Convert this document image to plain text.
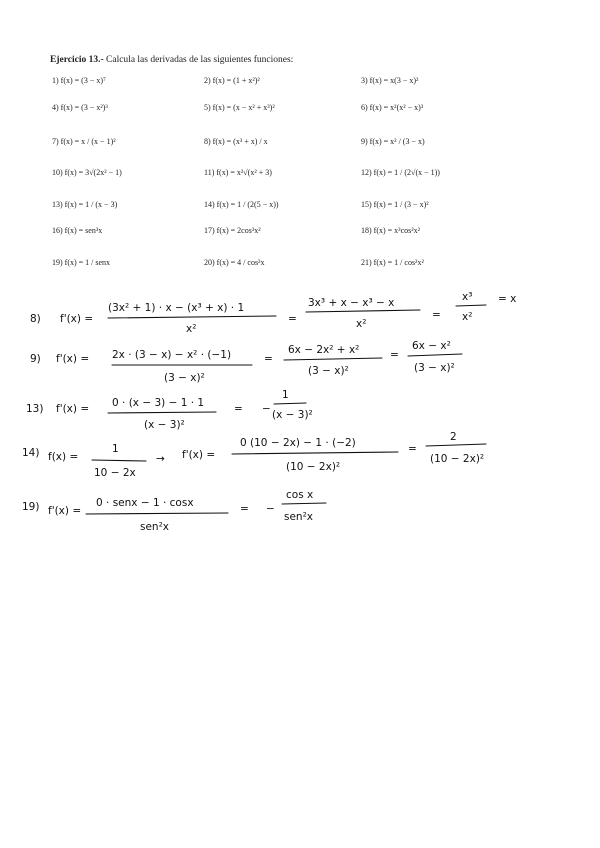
Ejercicio 13.- Calcula las derivadas de las siguientes funciones:
1) f(x) = (3 − x)⁷	2) f(x) = (1 + x²)²	3) f(x) = x(3 − x)²
4) f(x) = (3 − x²)³	5) f(x) = (x − x² + x³)²	6) f(x) = x²(x² − x)³
7) f(x) = x / (x − 1)²	8) f(x) = (x³ + x) / x	9) f(x) = x² / (3 − x)
10) f(x) = 3√(2x² − 1)	11) f(x) = x²√(x² + 3)	12) f(x) = 1 / (2√(x − 1))
13) f(x) = 1 / (x − 3)	14) f(x) = 1 / (2(5 − x))	15) f(x) = 1 / (3 − x)²
16) f(x) = sen³x	17) f(x) = 2cos³x²	18) f(x) = x³cos²x²
19) f(x) = 1 / senx	20) f(x) = 4 / cos²x	21) f(x) = 1 / cos²x²
8) f'(x) =
(3x² + 1) · x − (x³ + x) · 1
x²
=
3x³ + x − x³ − x
x²
=
x³
x²
= x
9) f'(x) = 2x · (3 − x) − x² · (−1)
(3 − x)²
=
6x − 2x² + x²
(3 − x)²
=
6x − x²
(3 − x)²
13) f'(x) = 0 · (x − 3) − 1 · 1
(x − 3)²
= −
1
(x − 3)²
14) f(x) =
1
10 − 2x
→ f'(x) =
0 (10 − 2x) − 1 · (−2)
(10 − 2x)²
=
2
(10 − 2x)²
19) f'(x) =
0 · senx − 1 · cosx
sen²x
= −
cos x
sen²x
